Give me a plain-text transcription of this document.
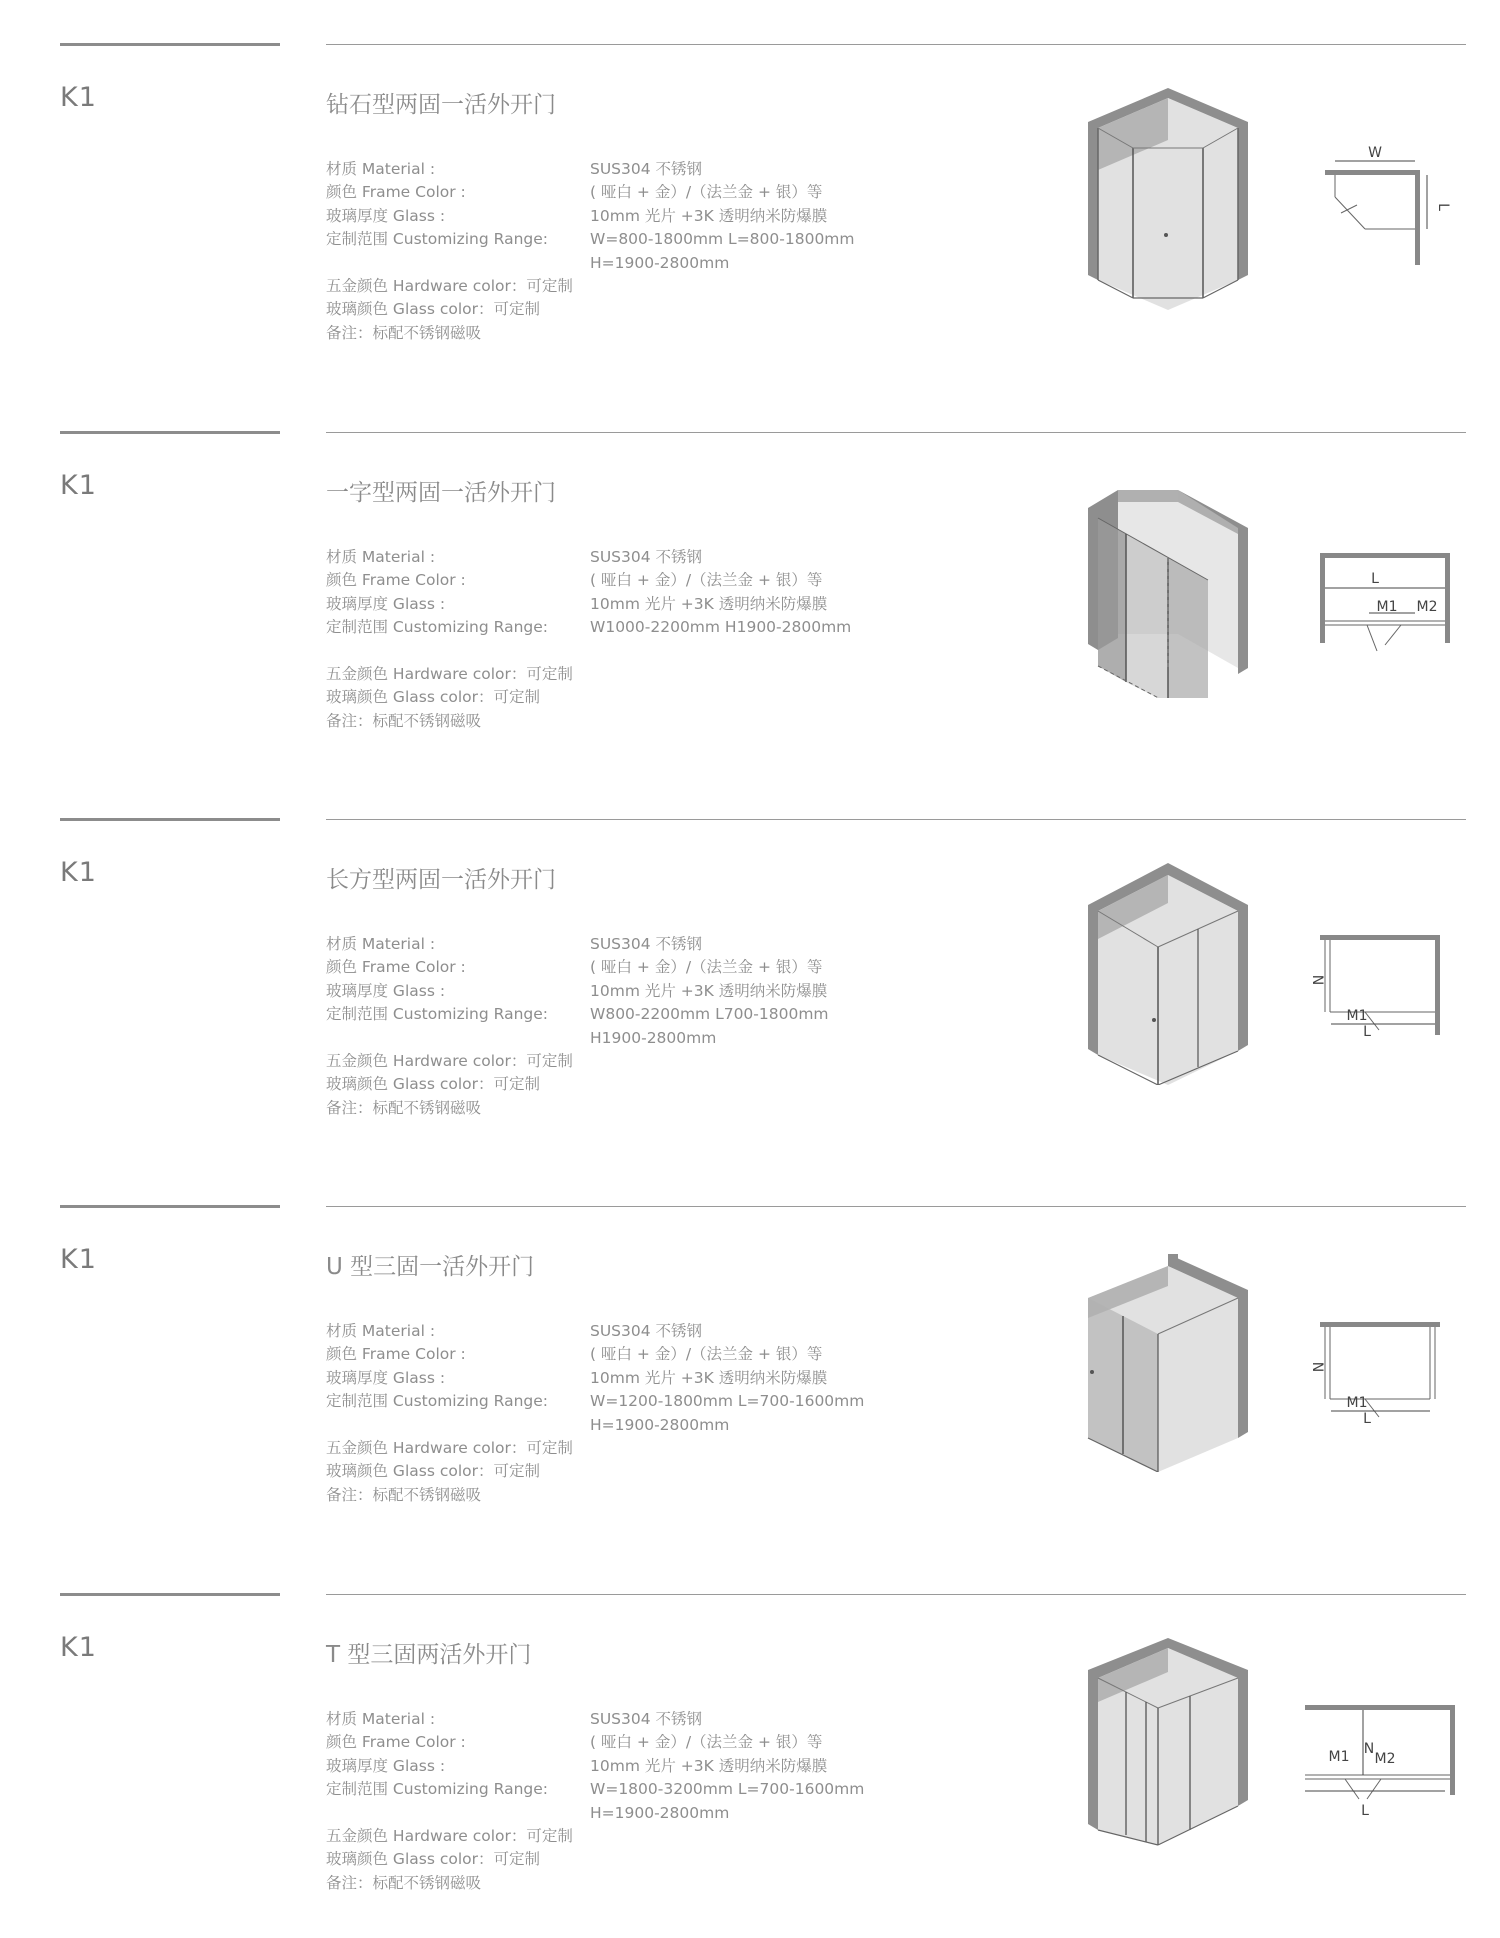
K1	钻石型两固一活外开门
材质 Material :	SUS304 不锈钢
颜色 Frame Color :	( 哑白 + 金）/（法兰金 + 银）等
玻璃厚度 Glass :	10mm 光片 +3K 透明纳米防爆膜
定制范围 Customizing Range:	W=800-1800mm L=800-1800mm
H=1900-2800mm
五金颜色 Hardware color：可定制
玻璃颜色 Glass color：可定制
备注：标配不锈钢磁吸
W
L
K1	一字型两固一活外开门
材质 Material :	SUS304 不锈钢
颜色 Frame Color :	( 哑白 + 金）/（法兰金 + 银）等
玻璃厚度 Glass :	10mm 光片 +3K 透明纳米防爆膜
定制范围 Customizing Range:	W1000-2200mm H1900-2800mm
五金颜色 Hardware color：可定制
玻璃颜色 Glass color：可定制
备注：标配不锈钢磁吸
L
M1 M2
K1	长方型两固一活外开门
材质 Material :	SUS304 不锈钢
颜色 Frame Color :	( 哑白 + 金）/（法兰金 + 银）等
玻璃厚度 Glass :	10mm 光片 +3K 透明纳米防爆膜
定制范围 Customizing Range:	W800-2200mm L700-1800mm
H1900-2800mm
五金颜色 Hardware color：可定制
玻璃颜色 Glass color：可定制
备注：标配不锈钢磁吸
N
M1
L
K1	U 型三固一活外开门
材质 Material :	SUS304 不锈钢
颜色 Frame Color :	( 哑白 + 金）/（法兰金 + 银）等
玻璃厚度 Glass :	10mm 光片 +3K 透明纳米防爆膜
定制范围 Customizing Range:	W=1200-1800mm L=700-1600mm
H=1900-2800mm
五金颜色 Hardware color：可定制
玻璃颜色 Glass color：可定制
备注：标配不锈钢磁吸
N
M1
L
K1	T 型三固两活外开门
材质 Material :	SUS304 不锈钢
颜色 Frame Color :	( 哑白 + 金）/（法兰金 + 银）等
玻璃厚度 Glass :	10mm 光片 +3K 透明纳米防爆膜
定制范围 Customizing Range:	W=1800-3200mm L=700-1600mm
H=1900-2800mm
五金颜色 Hardware color：可定制
玻璃颜色 Glass color：可定制
备注：标配不锈钢磁吸
M1 N
M2
L
